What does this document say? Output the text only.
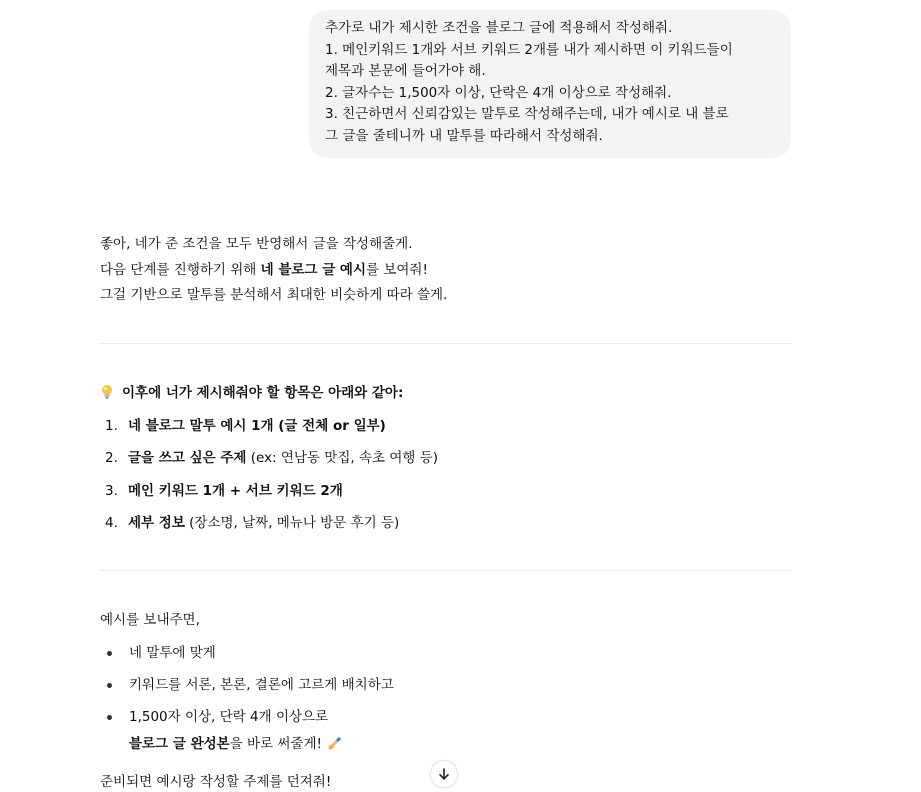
추가로 내가 제시한 조건을 블로그 글에 적용해서 작성해줘.
1. 메인키워드 1개와 서브 키워드 2개를 내가 제시하면 이 키워드들이
제목과 본문에 들어가야 해.
2. 글자수는 1,500자 이상, 단락은 4개 이상으로 작성해줘.
3. 친근하면서 신뢰감있는 말투로 작성해주는데, 내가 예시로 내 블로
그 글을 줄테니까 내 말투를 따라해서 작성해줘.
좋아, 네가 준 조건을 모두 반영해서 글을 작성해줄게.
다음 단계를 진행하기 위해 네 블로그 글 예시를 보여줘!
그걸 기반으로 말투를 분석해서 최대한 비슷하게 따라 쓸게.
이후에 너가 제시해줘야 할 항목은 아래와 같아:
1. 네 블로그 말투 예시 1개 (글 전체 or 일부)
2. 글을 쓰고 싶은 주제 (ex: 연남동 맛집, 속초 여행 등)
3. 메인 키워드 1개 + 서브 키워드 2개
4. 세부 정보 (장소명, 날짜, 메뉴나 방문 후기 등)
예시를 보내주면,
네 말투에 맞게
키워드를 서론, 본론, 결론에 고르게 배치하고
1,500자 이상, 단락 4개 이상으로
블로그 글 완성본을 바로 써줄게!
준비되면 예시랑 작성할 주제를 던져줘!
